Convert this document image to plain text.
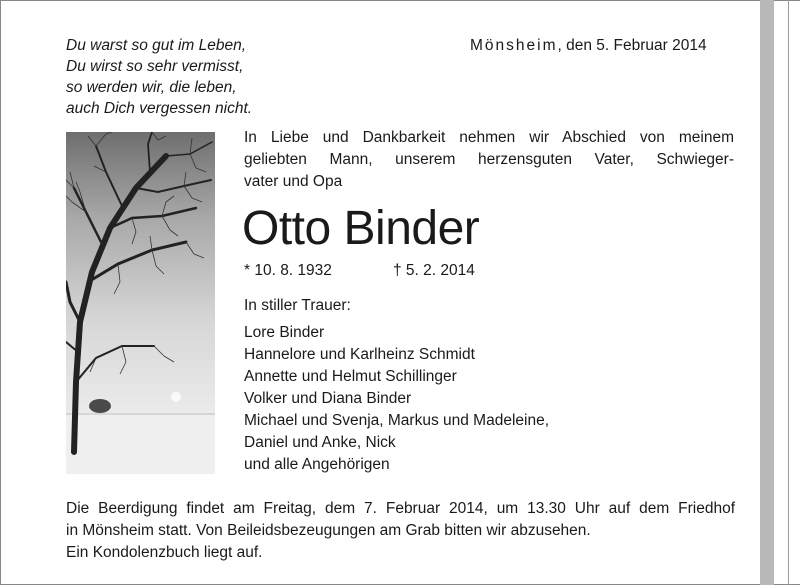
Du warst so gut im Leben,
Du wirst so sehr vermisst,
so werden wir, die leben,
auch Dich vergessen nicht.
Mönsheim, den 5. Februar 2014
In Liebe und Dankbarkeit nehmen wir Abschied von meinem
geliebten Mann, unserem herzensguten Vater, Schwieger-
vater und Opa
Otto Binder
* 10. 8. 1932	† 5. 2. 2014
In stiller Trauer:
Lore Binder
Hannelore und Karlheinz Schmidt
Annette und Helmut Schillinger
Volker und Diana Binder
Michael und Svenja, Markus und Madeleine,
Daniel und Anke, Nick
und alle Angehörigen
Die Beerdigung findet am Freitag, dem 7. Februar 2014, um 13.30 Uhr auf dem Friedhof
in Mönsheim statt. Von Beileidsbezeugungen am Grab bitten wir abzusehen.
Ein Kondolenzbuch liegt auf.
